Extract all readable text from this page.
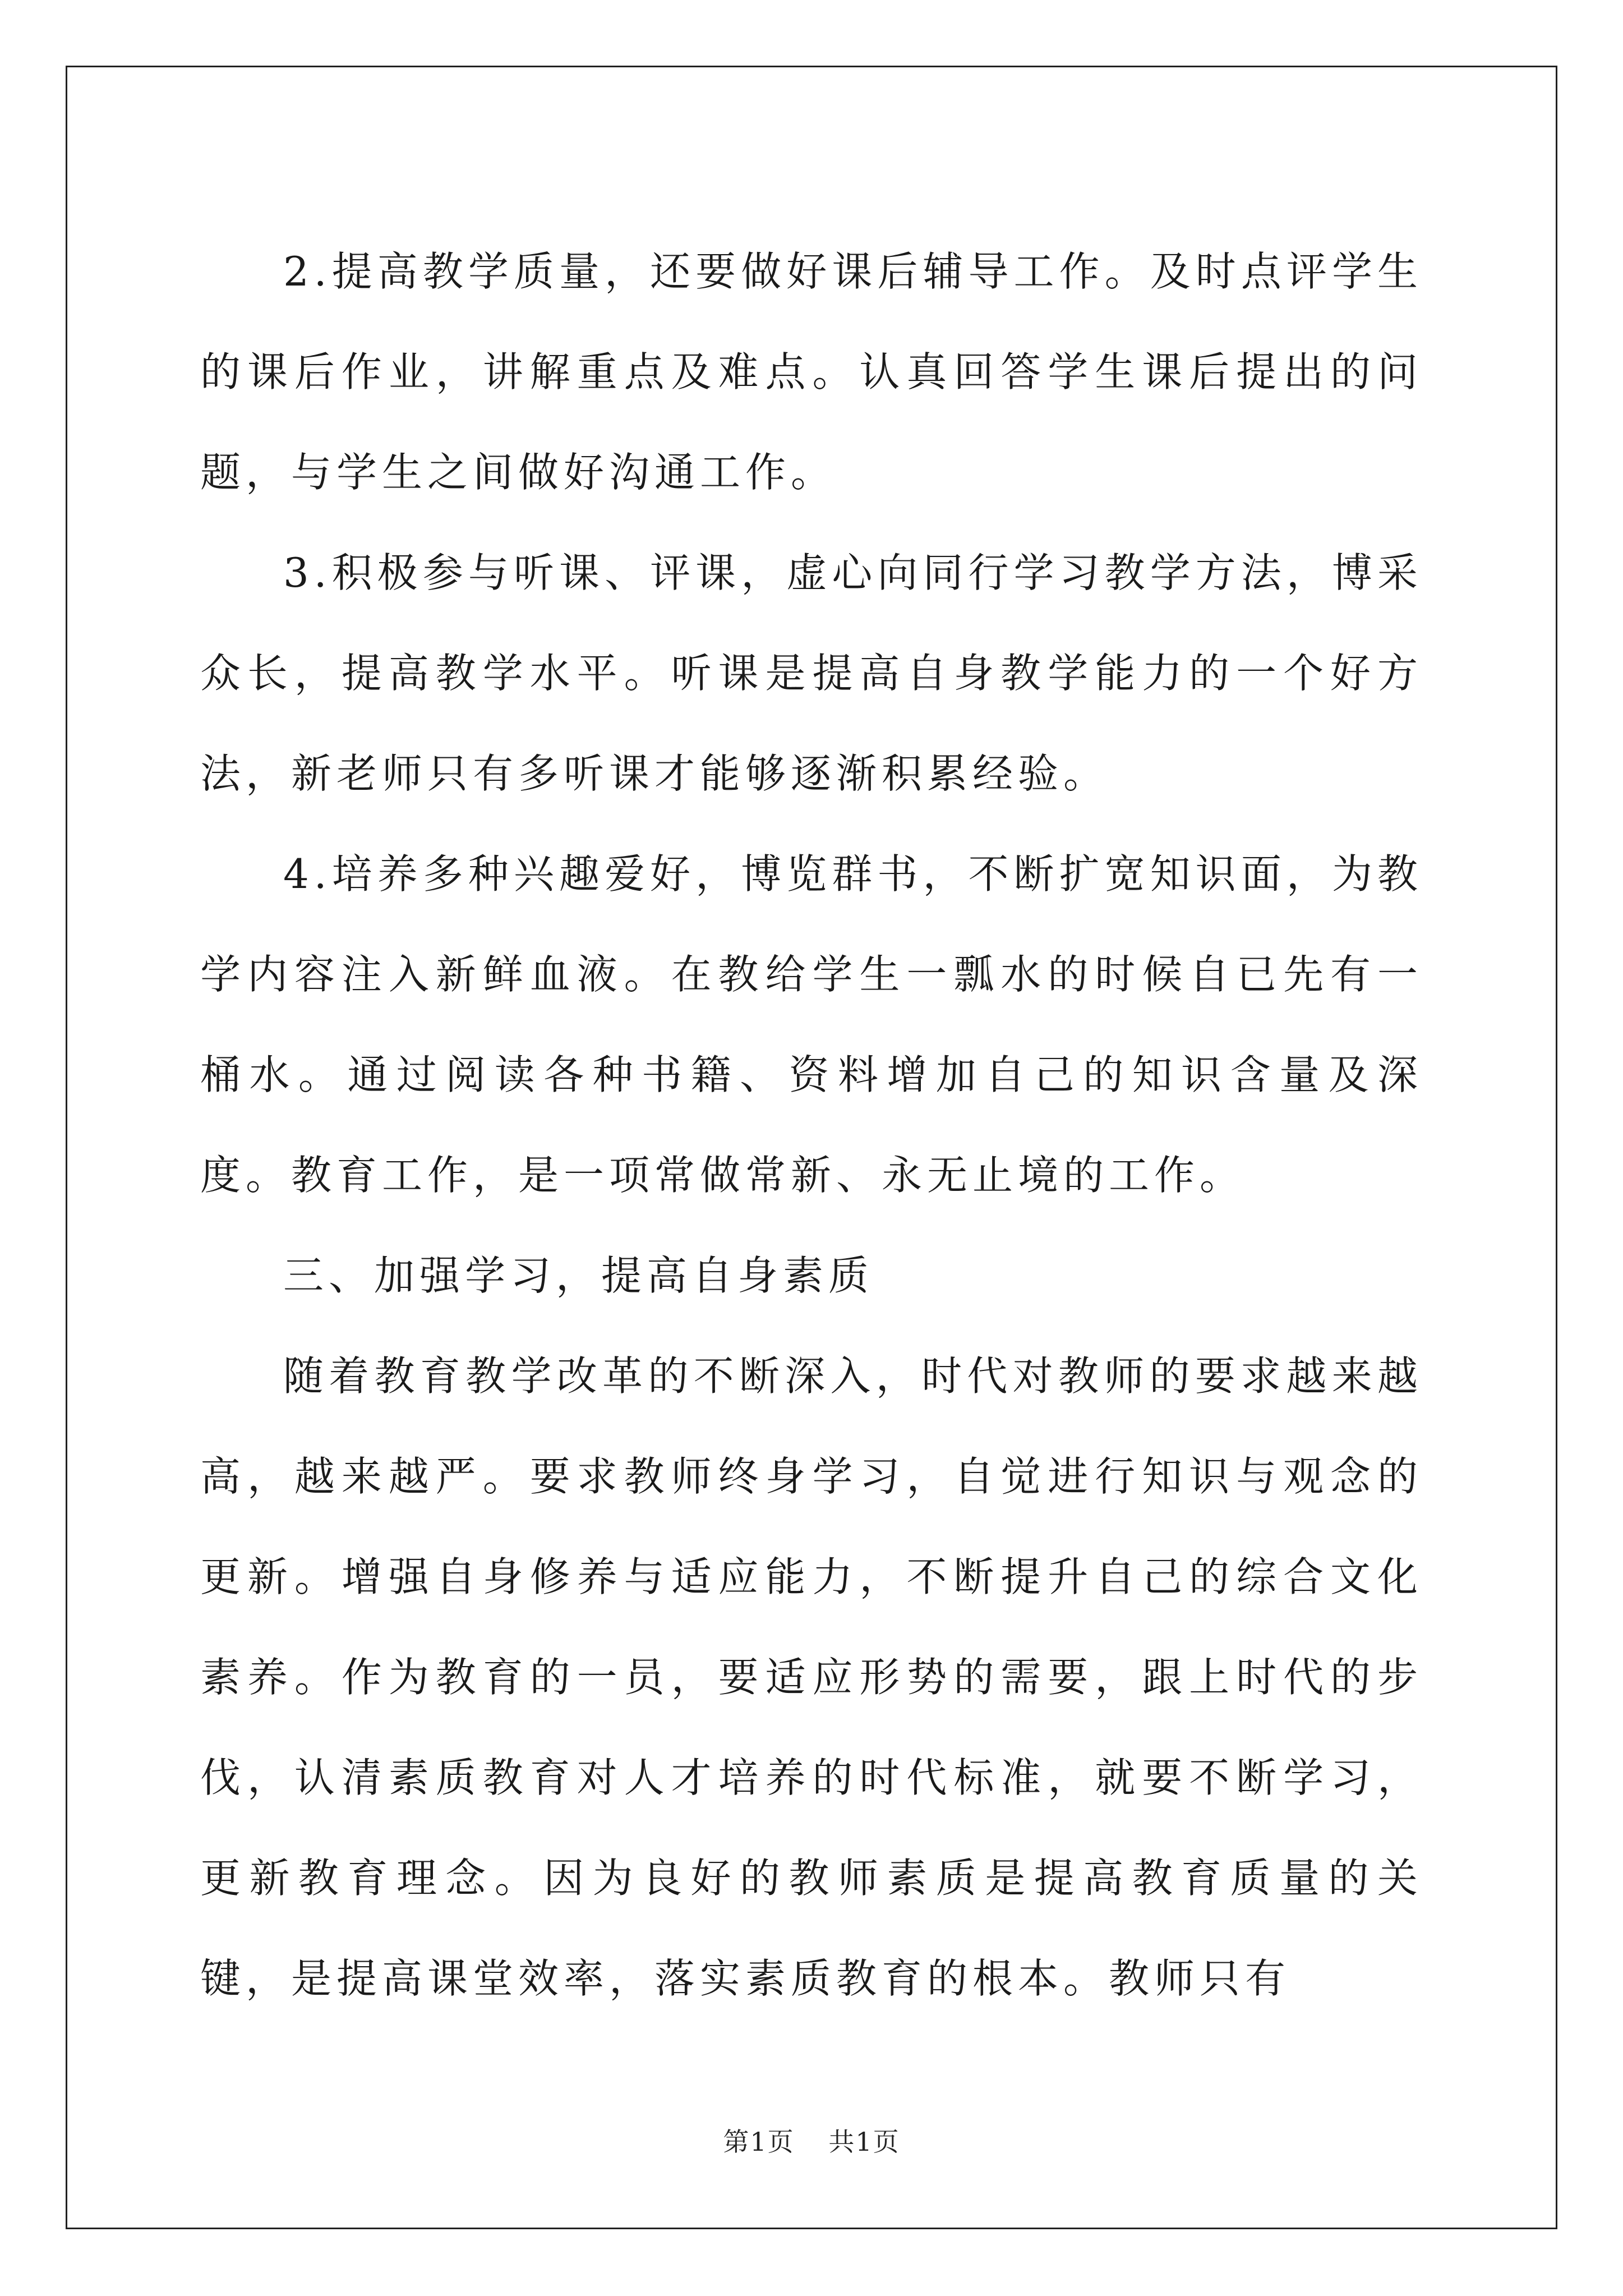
2.提高教学质量，还要做好课后辅导工作。及时点评学生的课后作业，讲解重点及难点。认真回答学生课后提出的问题，与学生之间做好沟通工作。

3.积极参与听课、评课，虚心向同行学习教学方法，博采众长，提高教学水平。听课是提高自身教学能力的一个好方法，新老师只有多听课才能够逐渐积累经验。

4.培养多种兴趣爱好，博览群书，不断扩宽知识面，为教学内容注入新鲜血液。在教给学生一瓢水的时候自已先有一桶水。通过阅读各种书籍、资料增加自己的知识含量及深度。教育工作，是一项常做常新、永无止境的工作。

三、加强学习，提高自身素质

随着教育教学改革的不断深入，时代对教师的要求越来越高，越来越严。要求教师终身学习，自觉进行知识与观念的更新。增强自身修养与适应能力，不断提升自己的综合文化素养。作为教育的一员，要适应形势的需要，跟上时代的步伐，认清素质教育对人才培养的时代标准，就要不断学习，更新教育理念。因为良好的教师素质是提高教育质量的关键，是提高课堂效率，落实素质教育的根本。教师只有

第1页 共1页
